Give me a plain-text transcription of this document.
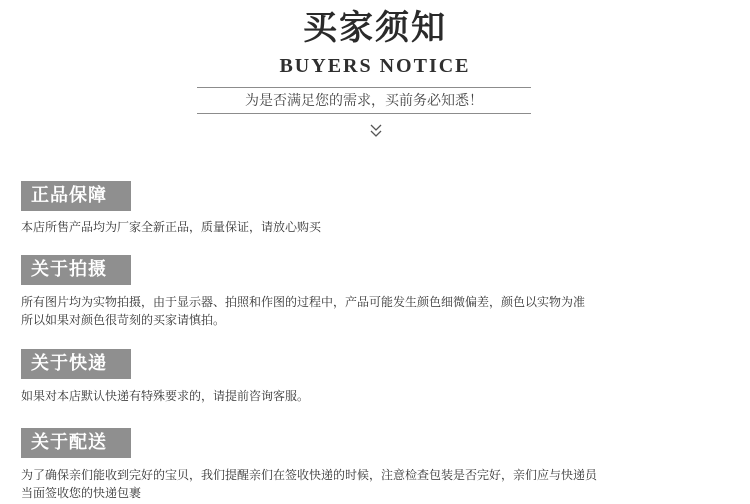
买家须知
BUYERS NOTICE
为是否满足您的需求，买前务必知悉！
正品保障
本店所售产品均为厂家全新正品，质量保证，请放心购买
关于拍摄
所有图片均为实物拍摄，由于显示器、拍照和作图的过程中，产品可能发生颜色细微偏差，颜色以实物为准
所以如果对颜色很苛刻的买家请慎拍。
关于快递
如果对本店默认快递有特殊要求的，请提前咨询客服。
关于配送
为了确保亲们能收到完好的宝贝，我们提醒亲们在签收快递的时候，注意检查包装是否完好，亲们应与快递员
当面签收您的快递包裹
